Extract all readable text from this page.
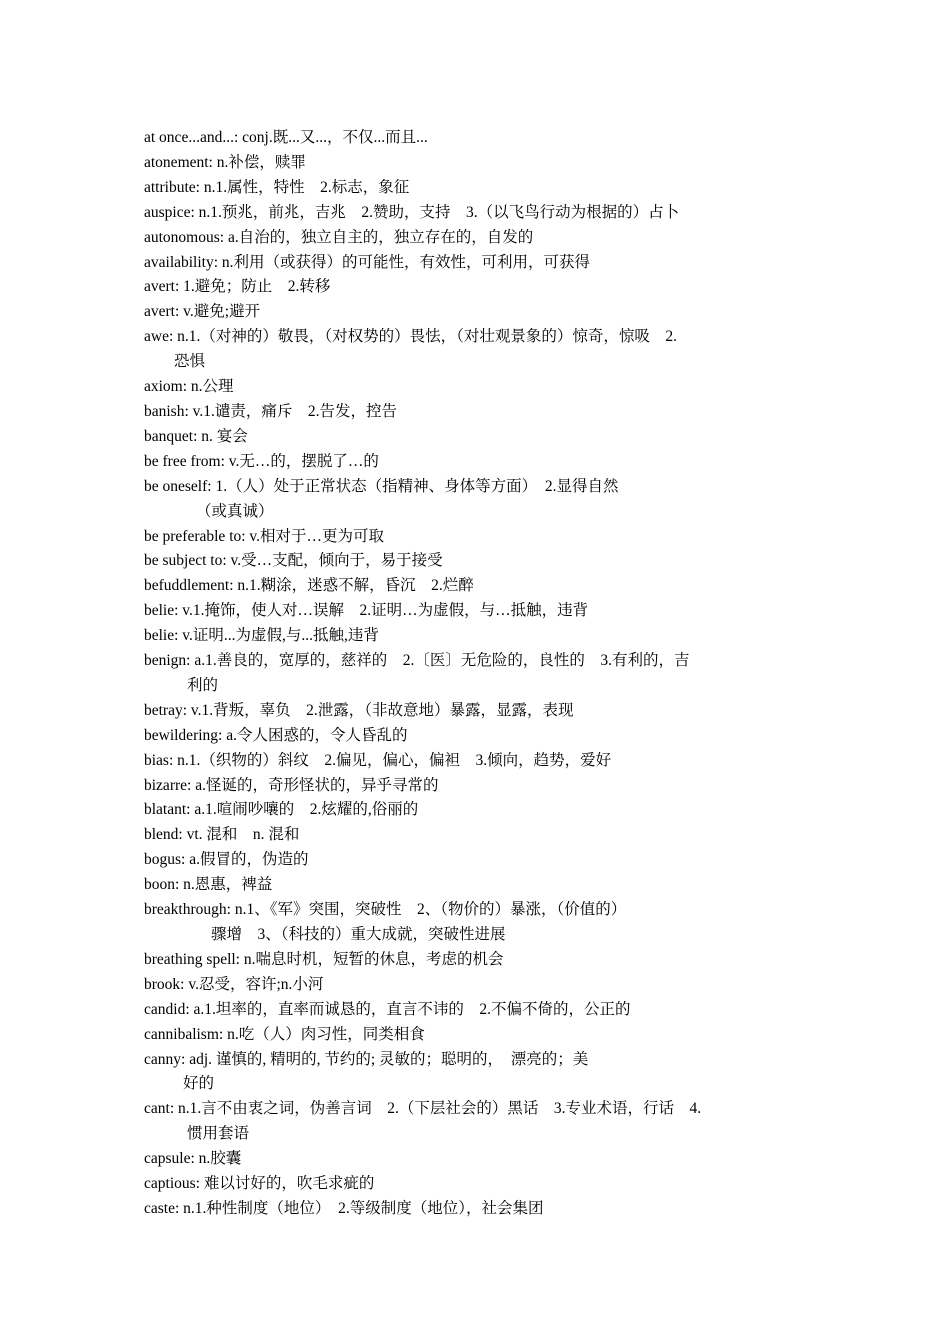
at once...and...: conj.既...又...，不仅...而且...
atonement: n.补偿，赎罪
attribute: n.1.属性，特性　2.标志，象征
auspice: n.1.预兆，前兆，吉兆　2.赞助，支持　3.（以飞鸟行动为根据的）占卜
autonomous: a.自治的，独立自主的，独立存在的，自发的
availability: n.利用（或获得）的可能性，有效性，可利用，可获得
avert: 1.避免；防止　2.转移
avert: v.避免;避开
awe: n.1.（对神的）敬畏，（对权势的）畏怯，（对壮观景象的）惊奇，惊吸　2.
恐惧
axiom: n.公理
banish: v.1.谴责，痛斥　2.告发，控告
banquet: n. 宴会
be free from: v.无…的，摆脱了…的
be oneself: 1.（人）处于正常状态（指精神、身体等方面）　2.显得自然
（或真诚）
be preferable to: v.相对于…更为可取
be subject to: v.受…支配，倾向于，易于接受
befuddlement: n.1.糊涂，迷惑不解，昏沉　2.烂醉
belie: v.1.掩饰，使人对…误解　2.证明…为虚假，与…抵触，违背
belie: v.证明...为虚假,与...抵触,违背
benign: a.1.善良的，宽厚的，慈祥的　2.〔医〕无危险的，良性的　3.有利的，吉
利的
betray: v.1.背叛，辜负　2.泄露，（非故意地）暴露，显露，表现
bewildering: a.令人困惑的，令人昏乱的
bias: n.1.（织物的）斜纹　2.偏见，偏心，偏袒　3.倾向，趋势，爱好
bizarre: a.怪诞的，奇形怪状的，异乎寻常的
blatant: a.1.喧闹吵嚷的　2.炫耀的,俗丽的
blend: vt. 混和　n. 混和
bogus: a.假冒的，伪造的
boon: n.恩惠，裨益
breakthrough: n.1、《军》突围，突破性　2、（物价的）暴涨，（价值的）
骤增　3、（科技的）重大成就，突破性进展
breathing spell: n.喘息时机，短暂的休息，考虑的机会
brook: v.忍受，容许;n.小河
candid: a.1.坦率的，直率而诚恳的，直言不讳的　2.不偏不倚的，公正的
cannibalism: n.吃（人）肉习性，同类相食
canny: adj. 谨慎的, 精明的, 节约的; 灵敏的；聪明的，　漂亮的；美
好的
cant: n.1.言不由衷之词，伪善言词　2.（下层社会的）黑话　3.专业术语，行话　4.
惯用套语
capsule: n.胶囊
captious: 难以讨好的，吹毛求疵的
caste: n.1.种性制度（地位）　2.等级制度（地位），社会集团
